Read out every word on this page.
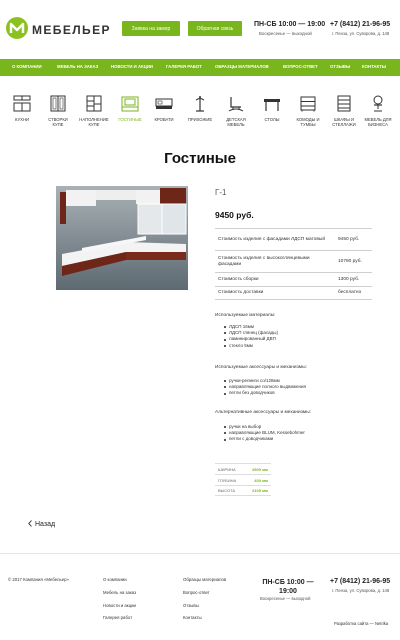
МЕБЕЛЬЕР	Заявка на замер	Обратная связь
ПН-СБ 10:00 — 19:00
Воскресенье — выходной
+7 (8412) 21-96-95
г. Пенза, ул. Суворова, д. 148
О КОМПАНИИ	МЕБЕЛЬ НА ЗАКАЗ	НОВОСТИ И АКЦИИ	ГАЛЕРЕЯ РАБОТ	ОБРАЗЦЫ МАТЕРИАЛОВ	ВОПРОС-ОТВЕТ	ОТЗЫВЫ	КОНТАКТЫ
КУХНИ	СТВОРКИ
КУПЕ
НАПОЛНЕНИЕ
КУПЕ
ГОСТИНЫЕ	КРОВАТИ	ПРИХОЖИЕ	ДЕТСКАЯ
МЕБЕЛЬ
СТОЛЫ	КОМОДЫ И
ТУМБЫ
ШКАФЫ И
СТЕЛЛАЖИ
МЕБЕЛЬ ДЛЯ
БИЗНЕСА
Гостиные
Г-1
9450 руб.
Стоимость изделия с фасадами ЛДСП матовый	9450 руб.
Стоимость изделия с высокоглянцевыми фасадами
10780 руб.
Стоимость сборки	1300 руб.
Стоимость доставки	бесплатно
Используемые материалы:
ЛДСП 16мм
ЛДСП глянец (фасады)
ламинированный ДВП
стекло 5мм
Используемые аксессуары и механизмы:
ручки-релинги со/128мм
направляющие полного выдвижения
петли без доводчиков
Альтернативные аксессуары и механизмы:
ручки на выбор
направляющие BLUM, Kessebohmer
петли с доводчиками
ШИРИНА	2900 мм
ГЛУБИНА	400 мм
ВЫСОТА	2100 мм
Назад
© 2017 Компания «Мебельер»	О компании
Мебель на заказ
Новости и акции
Галерея работ
Образцы материалов
Вопрос-ответ
Отзывы
Контакты
ПН-СБ 10:00 — 19:00
Воскресенье — выходной
+7 (8412) 21-96-95
г. Пенза, ул. Суворова, д. 148
Разработка сайта — Netrika
